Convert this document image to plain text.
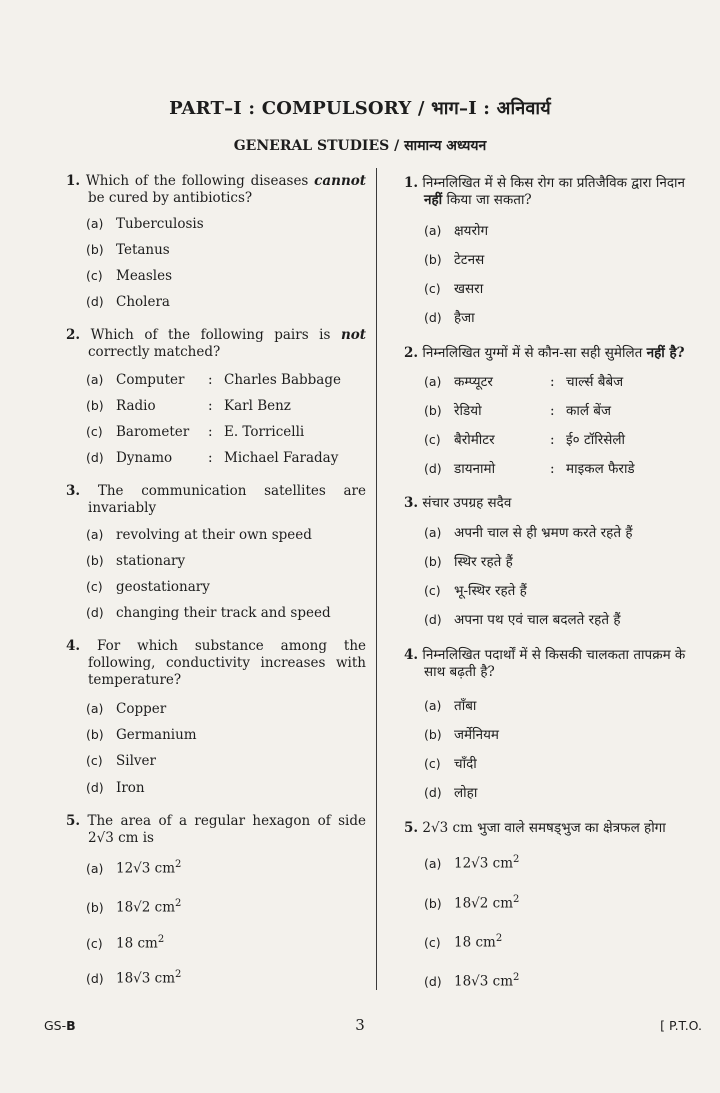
PART–I : COMPULSORY / भाग–I : अनिवार्य
GENERAL STUDIES / सामान्य अध्ययन
1. Which of the following diseases cannot be cured by antibiotics?
(a) Tuberculosis
(b) Tetanus
(c) Measles
(d) Cholera
2. Which of the following pairs is not correctly matched?
(a) Computer : Charles Babbage
(b) Radio	: Karl Benz
(c) Barometer : E. Torricelli
(d) Dynamo	: Michael Faraday
3. The communication satellites are invariably
(a) revolving at their own speed
(b) stationary
(c) geostationary
(d) changing their track and speed
4. For which substance among the following, conductivity increases with temperature?
(a) Copper
(b) Germanium
(c) Silver
(d) Iron
5. The area of a regular hexagon of side 2√3 cm is
(a) 12√3 $cm^2$
(b) 18√2 $cm^2$
(c) 18 $cm^2$
(d) 18√3 $cm^2$
1. निम्नलिखित में से किस रोग का प्रतिजैविक द्वारा निदान नहीं किया जा सकता?
(a) क्षयरोग
(b) टेटनस
(c) खसरा
(d) हैजा
2. निम्नलिखित युग्मों में से कौन-सा सही सुमेलित नहीं है?
(a) कम्प्यूटर	: चार्ल्स बैबेज
(b) रेडियो	: कार्ल बेंज
(c) बैरोमीटर	: ई० टॉरिसेली
(d) डायनामो	: माइकल फैराडे
3. संचार उपग्रह सदैव
(a) अपनी चाल से ही भ्रमण करते रहते हैं
(b) स्थिर रहते हैं
(c) भू-स्थिर रहते हैं
(d) अपना पथ एवं चाल बदलते रहते हैं
4. निम्नलिखित पदार्थों में से किसकी चालकता तापक्रम के साथ बढ़ती है?
(a) ताँबा
(b) जर्मेनियम
(c) चाँदी
(d) लोहा
5. 2√3 cm भुजा वाले समषड्भुज का क्षेत्रफल होगा
(a) 12√3 $cm^2$
(b) 18√2 $cm^2$
(c) 18 $cm^2$
(d) 18√3 $cm^2$
GS-B	3	[ P.T.O.
